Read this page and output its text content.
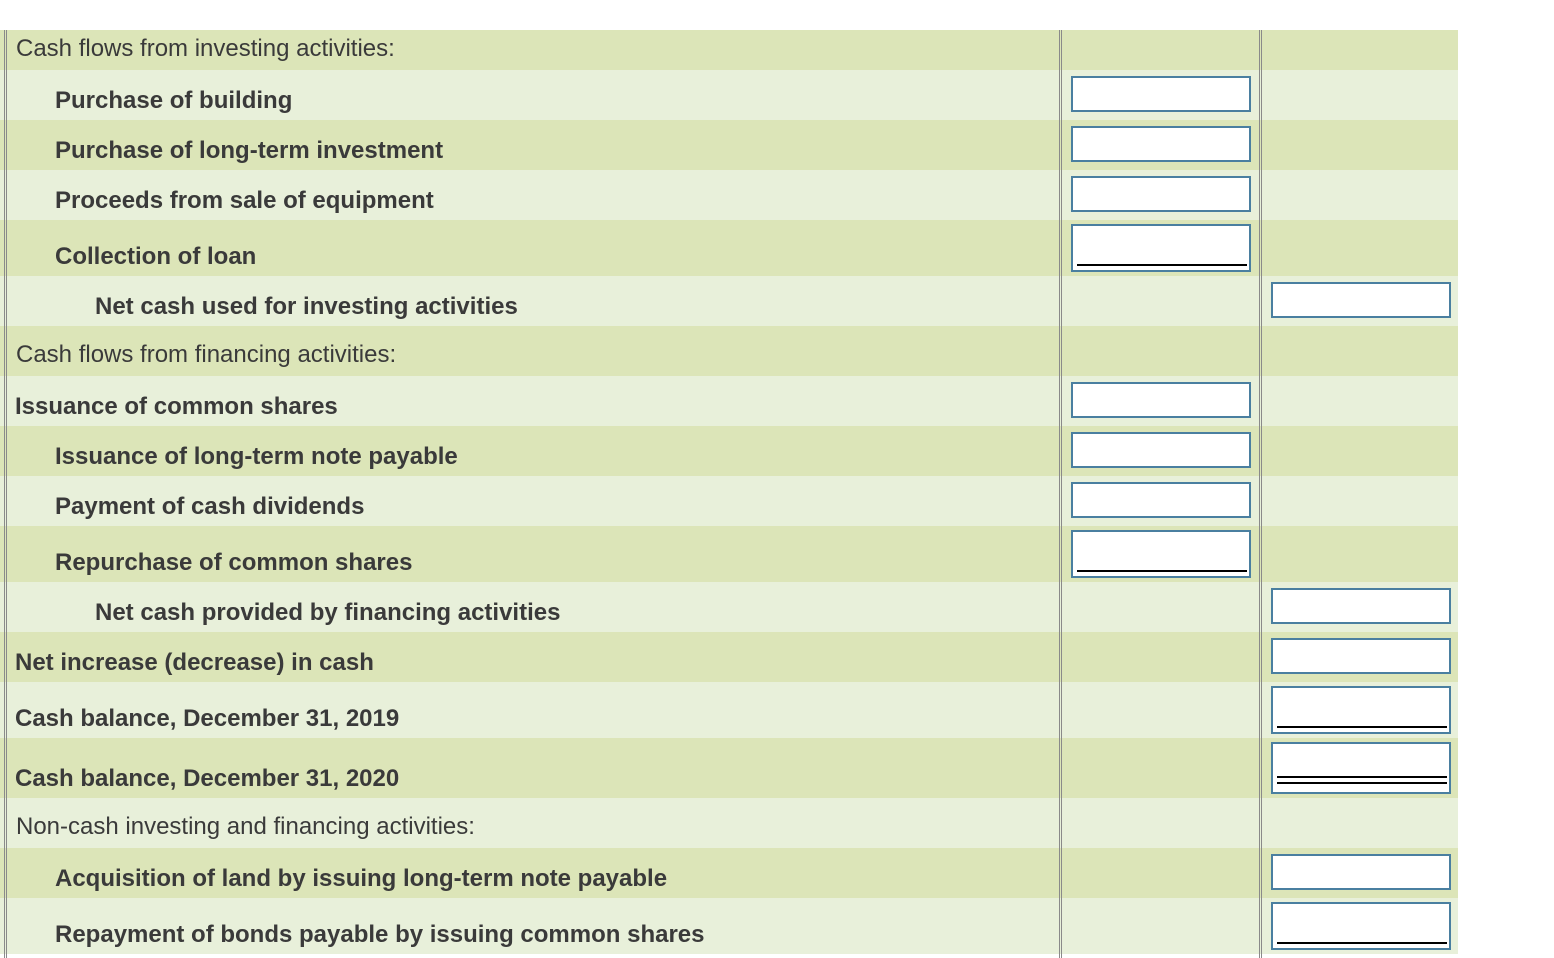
Cash flows from investing activities:
Purchase of building
Purchase of long-term investment
Proceeds from sale of equipment
Collection of loan
Net cash used for investing activities
Cash flows from financing activities:
Issuance of common shares
Issuance of long-term note payable
Payment of cash dividends
Repurchase of common shares
Net cash provided by financing activities
Net increase (decrease) in cash
Cash balance, December 31, 2019
Cash balance, December 31, 2020
Non-cash investing and financing activities:
Acquisition of land by issuing long-term note payable
Repayment of bonds payable by issuing common shares
